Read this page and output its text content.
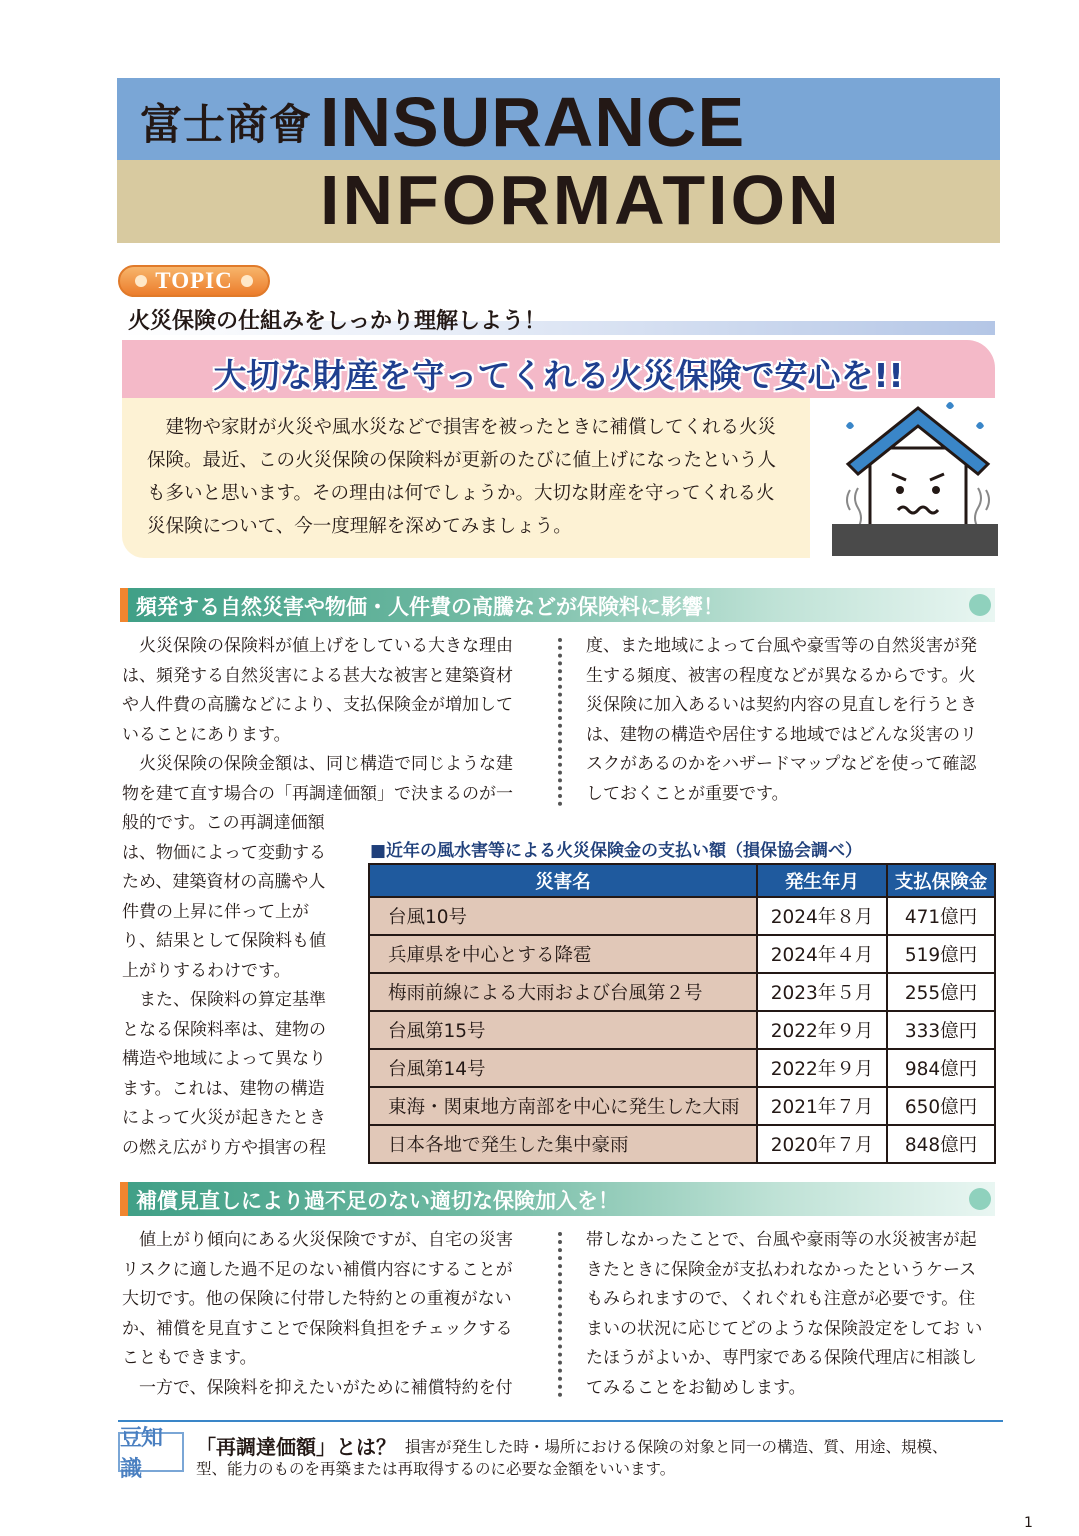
富士商會 INSURANCE
INFORMATION
TOPIC
火災保険の仕組みをしっかり理解しよう！
大切な財産を守ってくれる火災保険で安心を!!

建物や家財が火災や風水災などで損害を被ったときに補償してくれる火災保険。最近、この火災保険の保険料が更新のたびに値上げになったという人も多いと思います。その理由は何でしょうか。大切な財産を守ってくれる火災保険について、今一度理解を深めてみましょう。

頻発する自然災害や物価・人件費の高騰などが保険料に影響！

火災保険の保険料が値上げをしている大きな理由

は、頻発する自然災害による甚大な被害と建築資材
や人件費の高騰などにより、支払保険金が増加して
いることにあります。

火災保険の保険金額は、同じ構造で同じような建

物を建て直す場合の「再調達価額」で決まるのが一
般的です。この再調達価額
は、物価によって変動する
ため、建築資材の高騰や人
件費の上昇に伴って上が
り、結果として保険料も値
上がりするわけです。

また、保険料の算定基準

となる保険料率は、建物の
構造や地域によって異なり
ます。これは、建物の構造
によって火災が起きたとき
の燃え広がり方や損害の程
度、また地域によって台風や豪雪等の自然災害が発
生する頻度、被害の程度などが異なるからです。火
災保険に加入あるいは契約内容の見直しを行うとき
は、建物の構造や居住する地域ではどんな災害のリ
スクがあるのかをハザードマップなどを使って確認
しておくことが重要です。
■近年の風水害等による火災保険金の支払い額（損保協会調べ）
災害名	発生年月	支払保険金
台風10号	2024年８月	471億円
兵庫県を中心とする降雹	2024年４月	519億円
梅雨前線による大雨および台風第２号	2023年５月	255億円
台風第15号	2022年９月	333億円
台風第14号	2022年９月	984億円
東海・関東地方南部を中心に発生した大雨	2021年７月	650億円
日本各地で発生した集中豪雨	2020年７月	848億円
補償見直しにより過不足のない適切な保険加入を！

値上がり傾向にある火災保険ですが、自宅の災害

リスクに適した過不足のない補償内容にすることが
大切です。他の保険に付帯した特約との重複がない
か、補償を見直すことで保険料負担をチェックする
こともできます。

一方で、保険料を抑えたいがために補償特約を付

帯しなかったことで、台風や豪雨等の水災被害が起
きたときに保険金が支払われなかったというケース
もみられますので、くれぐれも注意が必要です。住
まいの状況に応じてどのような保険設定をしてお い
たほうがよいか、専門家である保険代理店に相談し
てみることをお勧めします。
豆知識
「再調達価額」とは？ 損害が発生した時・場所における保険の対象と同一の構造、質、用途、規模、
型、能力のものを再築または再取得するのに必要な金額をいいます。
1
